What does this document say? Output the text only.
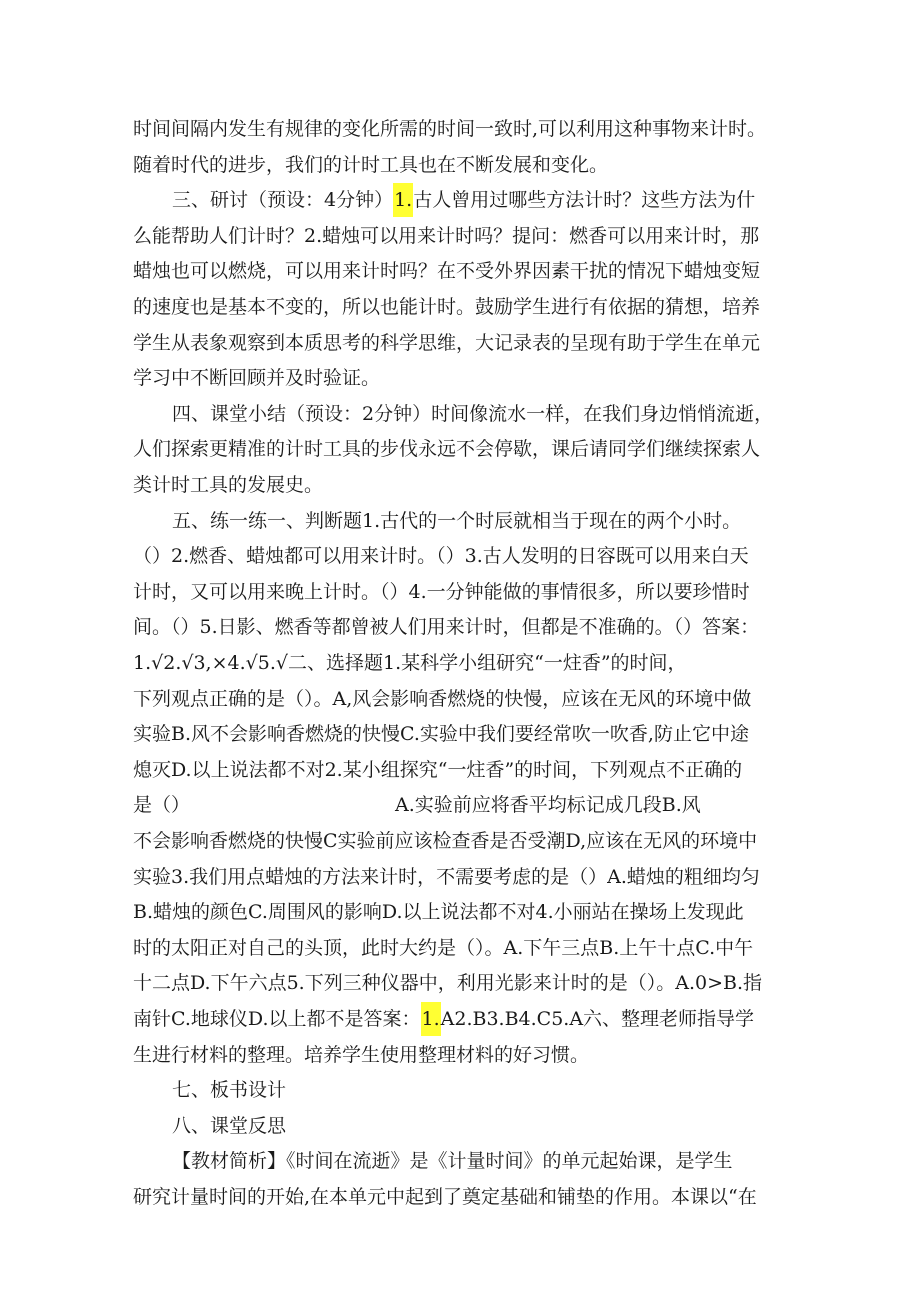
时间间隔内发生有规律的变化所需的时间一致时,可以利用这种事物来计时。
随着时代的进步，我们的计时工具也在不断发展和变化。
三、研讨（预设：4分钟）1.古人曾用过哪些方法计时？这些方法为什
么能帮助人们计时？2.蜡烛可以用来计时吗？提问：燃香可以用来计时，那
蜡烛也可以燃烧，可以用来计时吗？在不受外界因素干扰的情况下蜡烛变短
的速度也是基本不变的，所以也能计时。鼓励学生进行有依据的猜想，培养
学生从表象观察到本质思考的科学思维，大记录表的呈现有助于学生在单元
学习中不断回顾并及时验证。
四、课堂小结（预设：2分钟）时间像流水一样，在我们身边悄悄流逝，
人们探索更精准的计时工具的步伐永远不会停歇，课后请同学们继续探索人
类计时工具的发展史。
五、练一练一、判断题1.古代的一个时辰就相当于现在的两个小时。
（）2.燃香、蜡烛都可以用来计时。（）3.古人发明的日容既可以用来白天
计时，又可以用来晚上计时。（）4.一分钟能做的事情很多，所以要珍惜时
间。（）5.日影、燃香等都曾被人们用来计时，但都是不准确的。（）答案：
1.√2.√3,×4.√5.√二、选择题1.某科学小组研究“一炷香”的时间，
下列观点正确的是（）。A,风会影响香燃烧的快慢，应该在无风的环境中做
实验B.风不会影响香燃烧的快慢C.实验中我们要经常吹一吹香,防止它中途
熄灭D.以上说法都不对2.某小组探究“一炷香”的时间，下列观点不正确的
是（）	A.实验前应将香平均标记成几段B.风
不会影响香燃烧的快慢C实验前应该检查香是否受潮D,应该在无风的环境中
实验3.我们用点蜡烛的方法来计时，不需要考虑的是（）A.蜡烛的粗细均匀
B.蜡烛的颜色C.周围风的影响D.以上说法都不对4.小丽站在操场上发现此
时的太阳正对自己的头顶，此时大约是（）。A.下午三点B.上午十点C.中午
十二点D.下午六点5.下列三种仪器中，利用光影来计时的是（）。A.0>B.指
南针C.地球仪D.以上都不是答案：1.A2.B3.B4.C5.A六、整理老师指导学
生进行材料的整理。培养学生使用整理材料的好习惯。
七、板书设计
八、课堂反思
【教材简析】《时间在流逝》是《计量时间》的单元起始课，是学生
研究计量时间的开始,在本单元中起到了奠定基础和铺垫的作用。本课以“在
